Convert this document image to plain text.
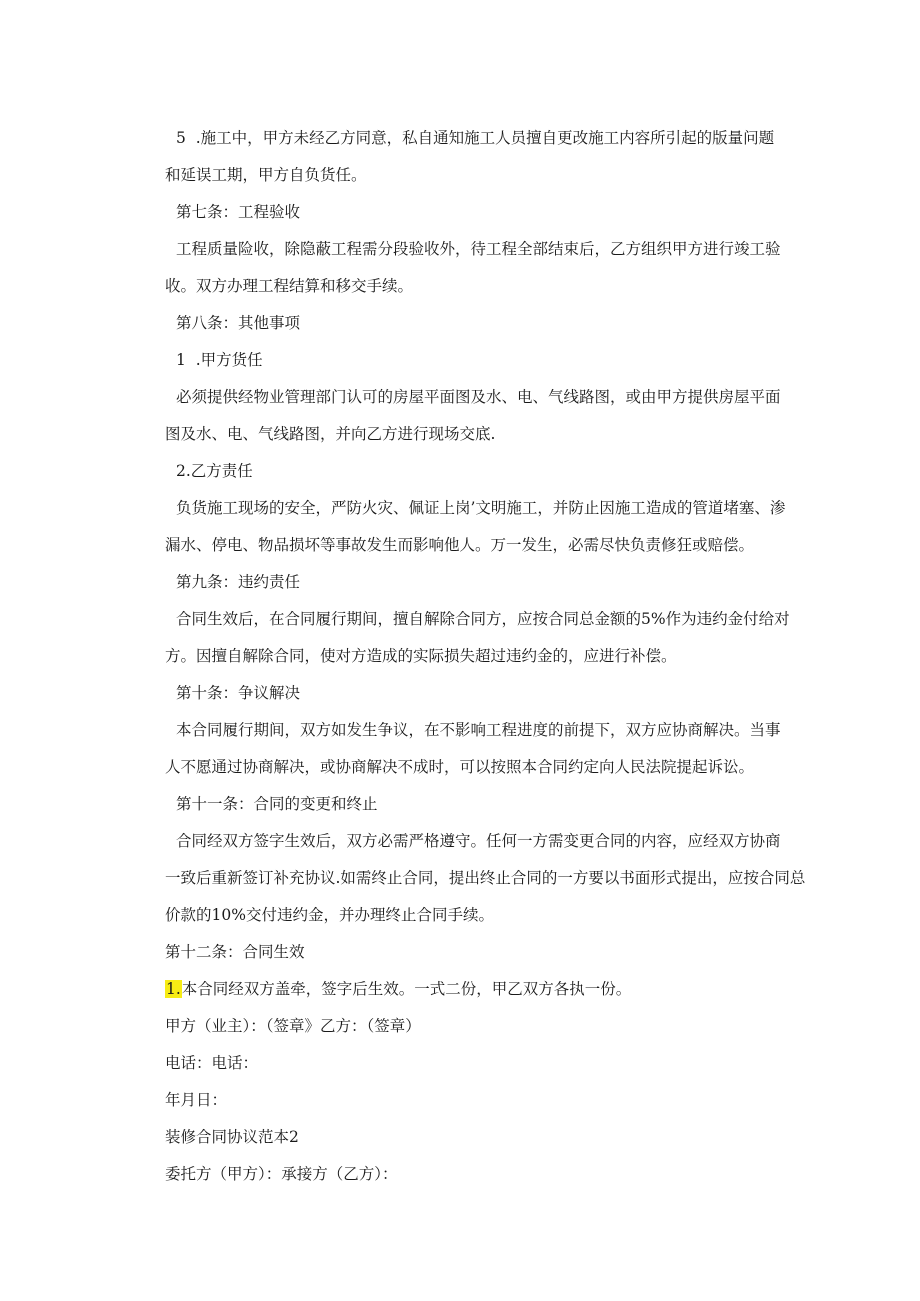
5  .施工中，甲方未经乙方同意，私自通知施工人员擅自更改施工内容所引起的版量问题

和延误工期，甲方自负货任。

第七条：工程验收

工程质量险收，除隐蔽工程需分段验收外，待工程全部结束后，乙方组织甲方进行竣工验

收。双方办理工程结算和移交手续。

第八条：其他事项

1  .甲方货任

必须提供经物业管理部门认可的房屋平面图及水、电、气线路图，或由甲方提供房屋平面

图及水、电、气线路图，并向乙方进行现场交底.

2.乙方责任

负货施工现场的安全，严防火灾、佩证上岗’文明施工，并防止因施工造成的管道堵塞、渗

漏水、停电、物品损坏等事故发生而影响他人。万一发生，必需尽快负责修狂或赔偿。

第九条：违约责任

合同生效后，在合同履行期间，擅自解除合同方，应按合同总金额的5%作为违约金付给对

方。因擅自解除合同，使对方造成的实际损失超过违约金的，应进行补偿。

第十条：争议解决

本合同履行期间，双方如发生争议，在不影响工程进度的前提下，双方应协商解决。当事

人不愿通过协商解决，或协商解决不成时，可以按照本合同约定向人民法院提起诉讼。

第十一条：合同的变更和终止

合同经双方签字生效后，双方必需严格遵守。任何一方需变更合同的内容，应经双方协商

一致后重新签订补充协议.如需终止合同，提出终止合同的一方要以书面形式提出，应按合同总

价款的10%交付违约金，并办理终止合同手续。

第十二条：合同生效

1.本合同经双方盖牵，签字后生效。一式二份，甲乙双方各执一份。

甲方（业主）：（签章》乙方：（签章）

电话：电话：

年月日：

装修合同协议范本2

委托方（甲方）：承接方（乙方）：
